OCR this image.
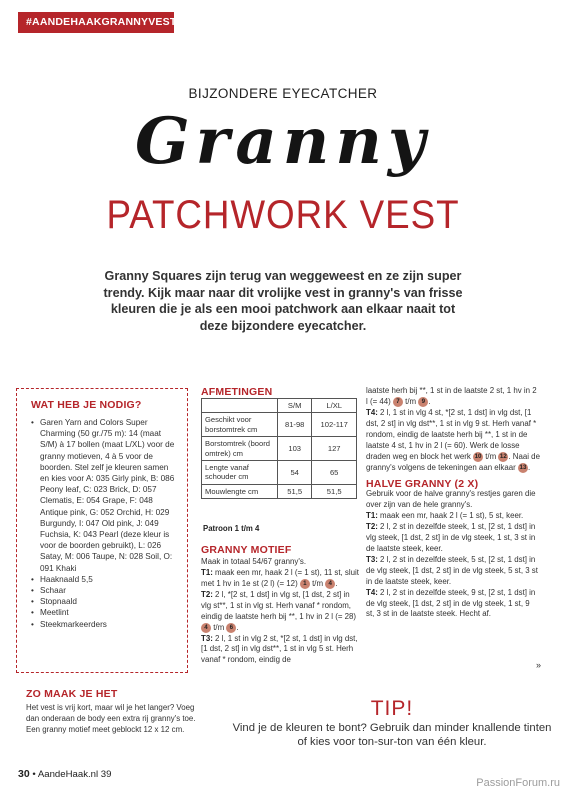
#AANDEHAAKGRANNYVEST
BIJZONDERE EYECATCHER
Granny
PATCHWORK VEST
Granny Squares zijn terug van weggeweest en ze zijn super trendy. Kijk maar naar dit vrolijke vest in granny's van frisse kleuren die je als een mooi patchwork aan elkaar naait tot deze bijzondere eyecatcher.
WAT HEB JE NODIG?
• Garen Yarn and Colors Super Charming (50 gr./75 m): 14 (maat S/M) à 17 bollen (maat L/XL) voor de granny motieven, 4 à 5 voor de boorden. Stel zelf je kleuren samen en kies voor A: 035 Girly pink, B: 086 Peony leaf, C: 023 Brick, D: 057 Clematis, E: 054 Grape, F: 048 Antique pink, G: 052 Orchid, H: 029 Burgundy, I: 047 Old pink, J: 049 Fuchsia, K: 043 Pearl (deze kleur is voor de boorden gebruikt), L: 026 Satay, M: 006 Taupe, N: 028 Soil, O: 091 Khaki
• Haaknaald 5,5
• Schaar
• Stopnaald
• Meetlint
• Steekmarkeerders
AFMETINGEN
	S/M	L/XL
Geschikt voor borstomtrek cm	81-98	102-117
Borstomtrek (boord omtrek) cm	103	127
Lengte vanaf schouder cm	54	65
Mouwlengte cm	51,5	51,5
Patroon 1 t/m 4
GRANNY MOTIEF
Maak in totaal 54/67 granny's.
T1: maak een mr, haak 2 l (= 1 st), 11 st, sluit met 1 hv in 1e st (2 l) (= 12) 1 t/m 4 .
T2: 2 l, *[2 st, 1 dst] in vlg st, [1 dst, 2 st] in vlg st**, 1 st in vlg st. Herh vanaf * rondom, eindig de laatste herh bij **, 1 hv in 2 l (= 28) 4 t/m 6 .
T3: 2 l, 1 st in vlg 2 st, *[2 st, 1 dst] in vlg dst, [1 dst, 2 st] in vlg dst**, 1 st in vlg 5 st. Herh vanaf * rondom, eindig de
laatste herh bij **, 1 st in de laatste 2 st, 1 hv in 2 l (= 44) 7 t/m 9 .
T4: 2 l, 1 st in vlg 4 st, *[2 st, 1 dst] in vlg dst, [1 dst, 2 st] in vlg dst**, 1 st in vlg 9 st. Herh vanaf * rondom, eindig de laatste herh bij **, 1 st in de laatste 4 st, 1 hv in 2 l (= 60). Werk de losse draden weg en block het werk 10 t/m 12 . Naai de granny's volgens de tekeningen aan elkaar 13 .
HALVE GRANNY (2 X)
Gebruik voor de halve granny's restjes garen die over zijn van de hele granny's.
T1: maak een mr, haak 2 l (= 1 st), 5 st, keer.
T2: 2 l, 2 st in dezelfde steek, 1 st, [2 st, 1 dst] in vlg steek, [1 dst, 2 st] in de vlg steek, 1 st, 3 st in de laatste steek, keer.
T3: 2 l, 2 st in dezelfde steek, 5 st, [2 st, 1 dst] in de vlg steek, [1 dst, 2 st] in de vlg steek, 5 st, 3 st in de laatste steek, keer.
T4: 2 l, 2 st in dezelfde steek, 9 st, [2 st, 1 dst] in de vlg steek, [1 dst, 2 st] in de vlg steek, 1 st, 9 st, 3 st in de laatste steek. Hecht af.
»
ZO MAAK JE HET
Het vest is vrij kort, maar wil je het langer? Voeg dan onderaan de body een extra rij granny's toe. Een granny motief meet geblockt 12 x 12 cm.
TIP!
Vind je de kleuren te bont? Gebruik dan minder knallende tinten of kies voor ton-sur-ton van één kleur.
30 • AandeHaak.nl 39
PassionForum.ru
